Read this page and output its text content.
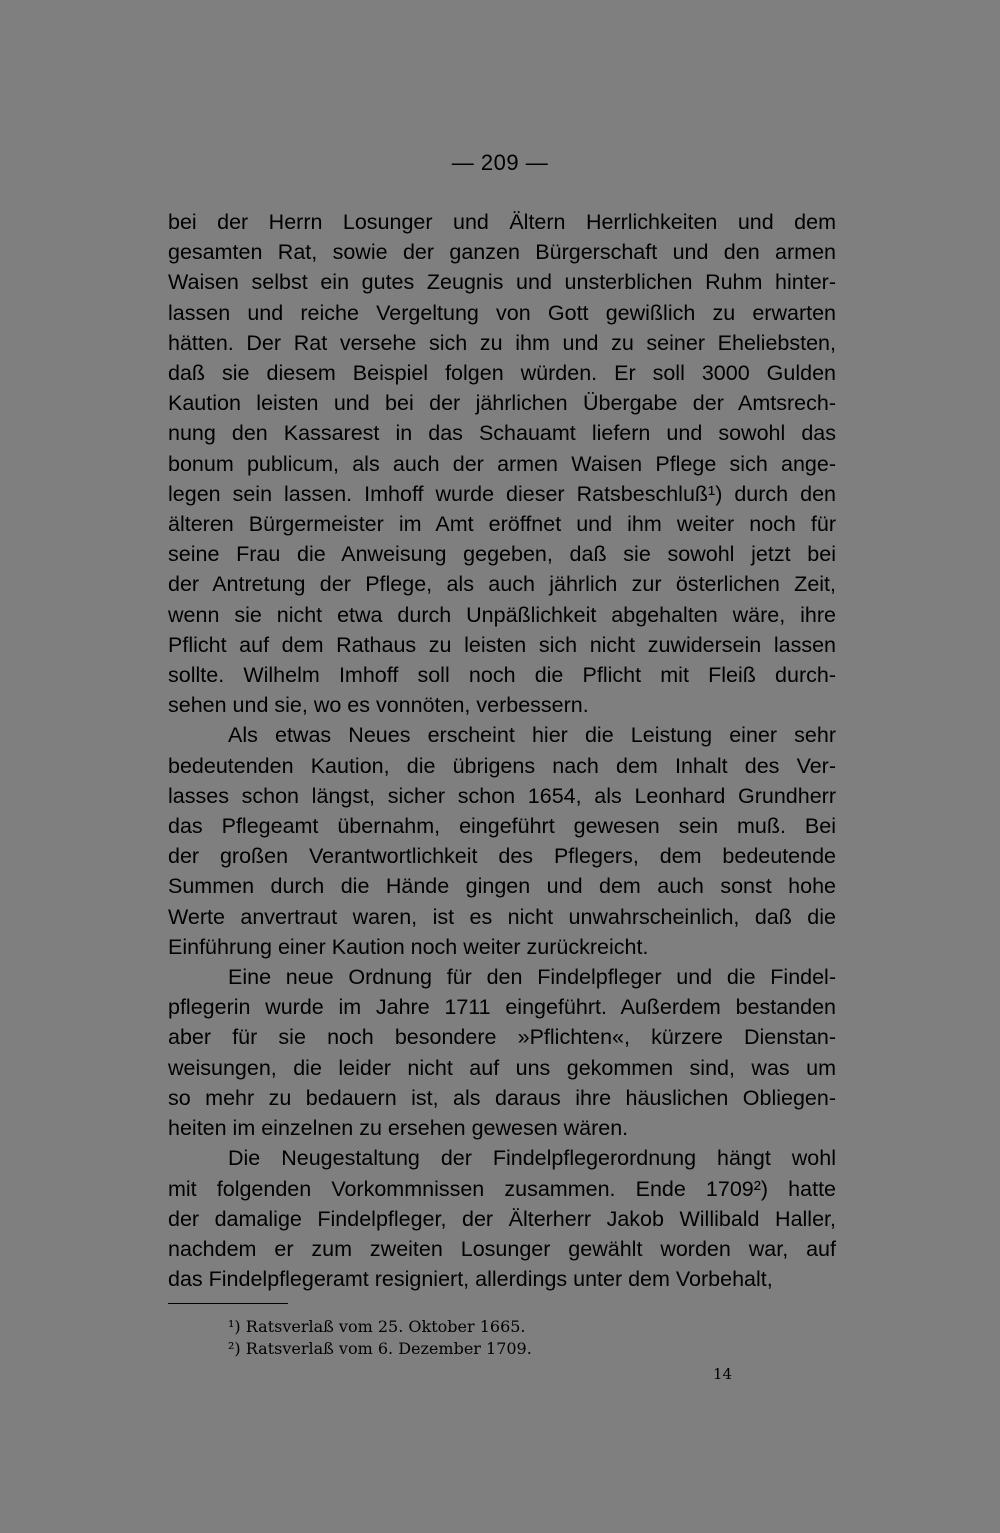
— 209 —

bei der Herrn Losunger und Ältern Herrlichkeiten und dem
gesamten Rat, sowie der ganzen Bürgerschaft und den armen
Waisen selbst ein gutes Zeugnis und unsterblichen Ruhm hinter-
lassen und reiche Vergeltung von Gott gewißlich zu erwarten
hätten. Der Rat versehe sich zu ihm und zu seiner Eheliebsten,
daß sie diesem Beispiel folgen würden. Er soll 3000 Gulden
Kaution leisten und bei der jährlichen Übergabe der Amtsrech-
nung den Kassarest in das Schauamt liefern und sowohl das
bonum publicum, als auch der armen Waisen Pflege sich ange-
legen sein lassen. Imhoff wurde dieser Ratsbeschluß¹) durch den
älteren Bürgermeister im Amt eröffnet und ihm weiter noch für
seine Frau die Anweisung gegeben, daß sie sowohl jetzt bei
der Antretung der Pflege, als auch jährlich zur österlichen Zeit,
wenn sie nicht etwa durch Unpäßlichkeit abgehalten wäre, ihre
Pflicht auf dem Rathaus zu leisten sich nicht zuwidersein lassen
sollte. Wilhelm Imhoff soll noch die Pflicht mit Fleiß durch-
sehen und sie, wo es vonnöten, verbessern.

Als etwas Neues erscheint hier die Leistung einer sehr
bedeutenden Kaution, die übrigens nach dem Inhalt des Ver-
lasses schon längst, sicher schon 1654, als Leonhard Grundherr
das Pflegeamt übernahm, eingeführt gewesen sein muß. Bei
der großen Verantwortlichkeit des Pflegers, dem bedeutende
Summen durch die Hände gingen und dem auch sonst hohe
Werte anvertraut waren, ist es nicht unwahrscheinlich, daß die
Einführung einer Kaution noch weiter zurückreicht.

Eine neue Ordnung für den Findelpfleger und die Findel-
pflegerin wurde im Jahre 1711 eingeführt. Außerdem bestanden
aber für sie noch besondere »Pflichten«, kürzere Dienstan-
weisungen, die leider nicht auf uns gekommen sind, was um
so mehr zu bedauern ist, als daraus ihre häuslichen Obliegen-
heiten im einzelnen zu ersehen gewesen wären.

Die Neugestaltung der Findelpflegerordnung hängt wohl
mit folgenden Vorkommnissen zusammen. Ende 1709²) hatte
der damalige Findelpfleger, der Älterherr Jakob Willibald Haller,
nachdem er zum zweiten Losunger gewählt worden war, auf
das Findelpflegeramt resigniert, allerdings unter dem Vorbehalt,

¹) Ratsverlaß vom 25. Oktober 1665.
²) Ratsverlaß vom 6. Dezember 1709.
14
